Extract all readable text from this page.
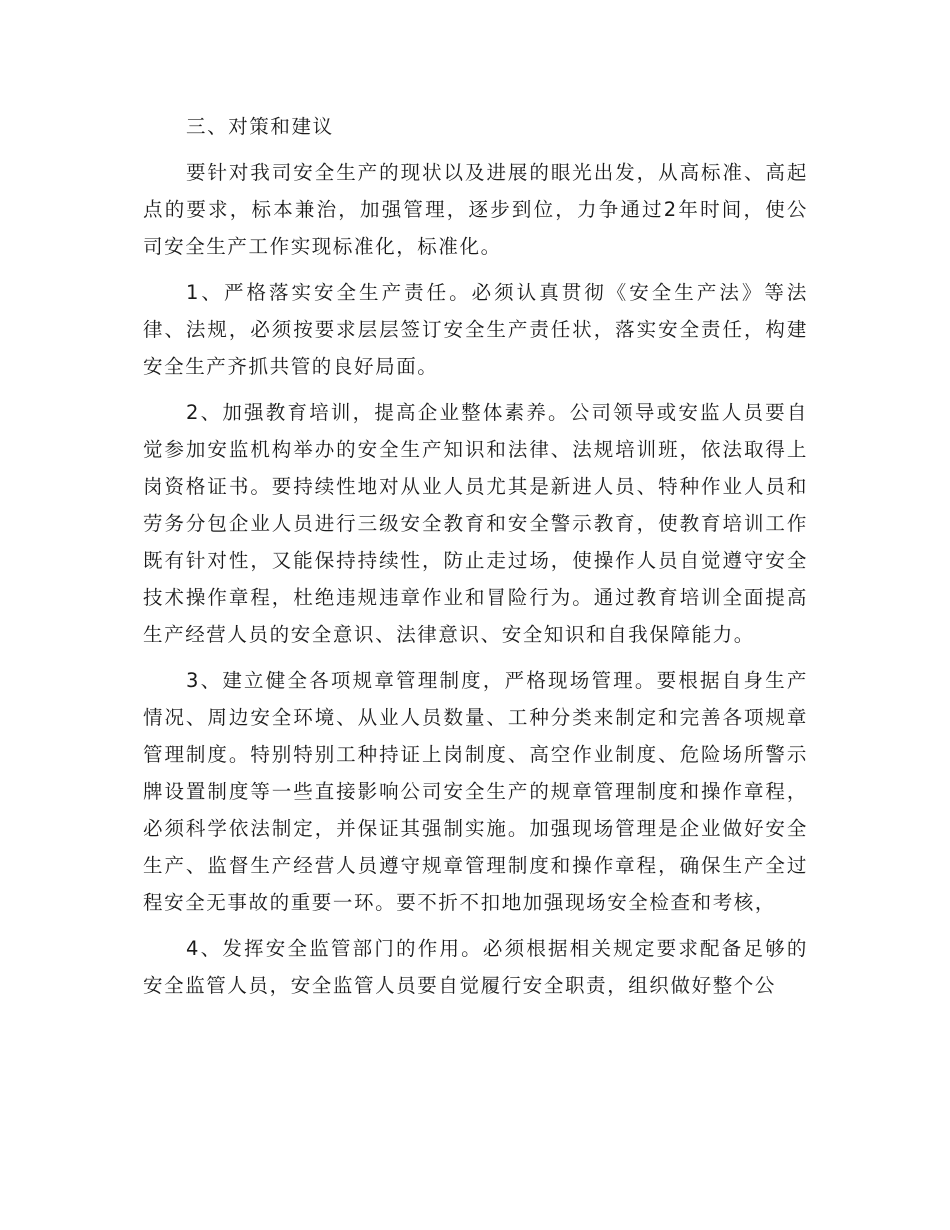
三、对策和建议

要针对我司安全生产的现状以及进展的眼光出发，从高标准、高起点的要求，标本兼治，加强管理，逐步到位，力争通过2年时间，使公司安全生产工作实现标准化，标准化。

1、严格落实安全生产责任。必须认真贯彻《安全生产法》等法律、法规，必须按要求层层签订安全生产责任状，落实安全责任，构建安全生产齐抓共管的良好局面。

2、加强教育培训，提高企业整体素养。公司领导或安监人员要自觉参加安监机构举办的安全生产知识和法律、法规培训班，依法取得上岗资格证书。要持续性地对从业人员尤其是新进人员、特种作业人员和劳务分包企业人员进行三级安全教育和安全警示教育，使教育培训工作既有针对性，又能保持持续性，防止走过场，使操作人员自觉遵守安全技术操作章程，杜绝违规违章作业和冒险行为。通过教育培训全面提高生产经营人员的安全意识、法律意识、安全知识和自我保障能力。

3、建立健全各项规章管理制度，严格现场管理。要根据自身生产情况、周边安全环境、从业人员数量、工种分类来制定和完善各项规章管理制度。特别特别工种持证上岗制度、高空作业制度、危险场所警示牌设置制度等一些直接影响公司安全生产的规章管理制度和操作章程，必须科学依法制定，并保证其强制实施。加强现场管理是企业做好安全生产、监督生产经营人员遵守规章管理制度和操作章程，确保生产全过程安全无事故的重要一环。要不折不扣地加强现场安全检查和考核，

4、发挥安全监管部门的作用。必须根据相关规定要求配备足够的安全监管人员，安全监管人员要自觉履行安全职责，组织做好整个公
